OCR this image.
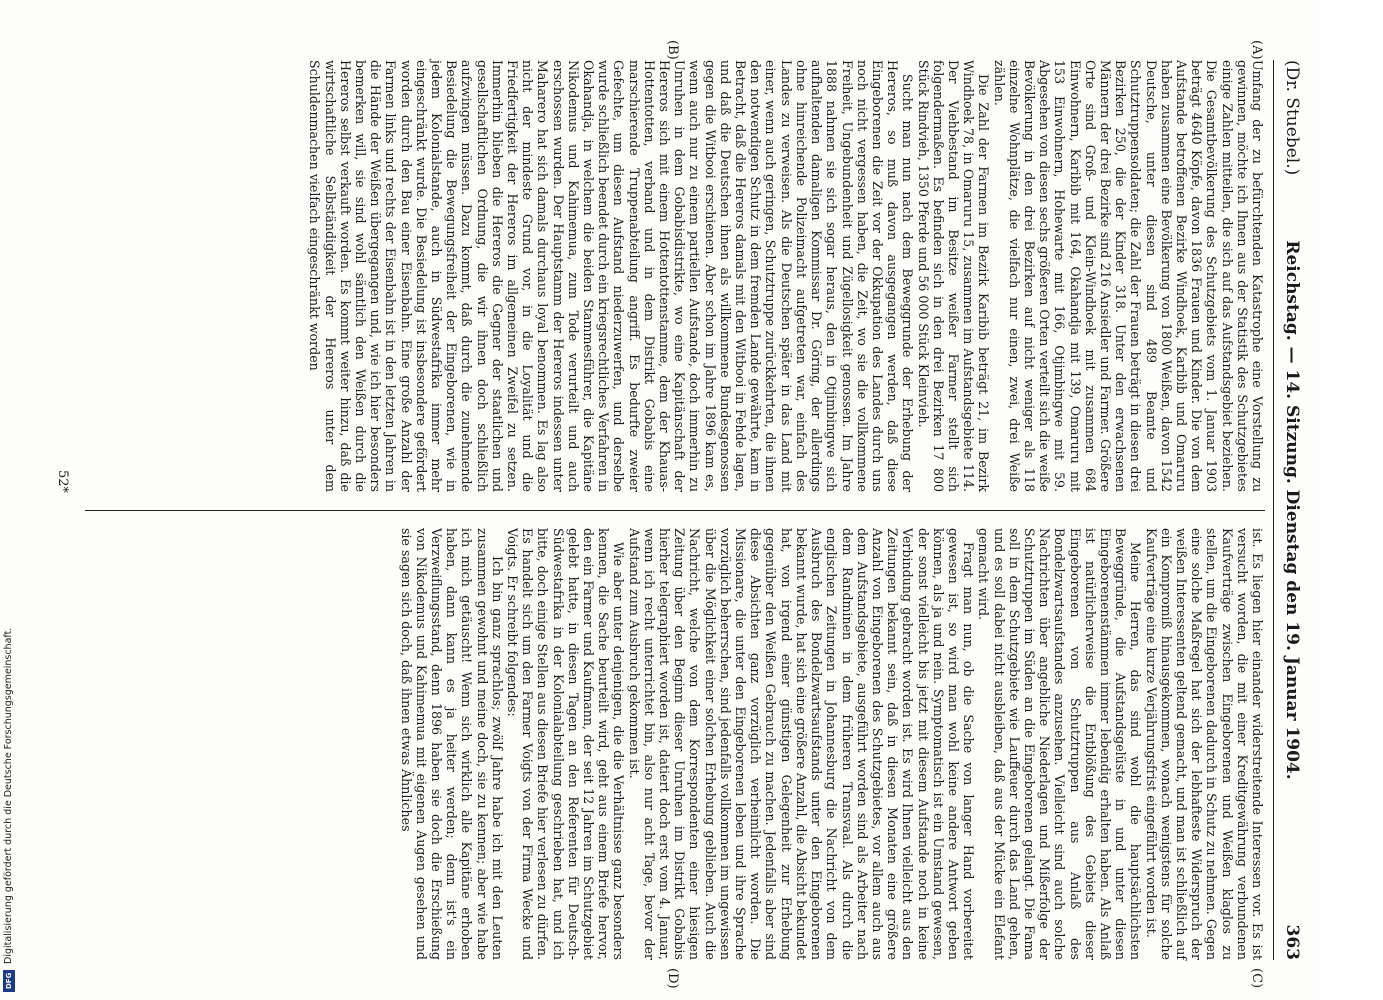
(Dr. Stuebel.)
Reichstag. — 14. Sitzung. Dienstag den 19. Januar 1904.
363
(A)
(B)
(C)
(D)

Umfang der zu befürchtenden Katastrophe eine Vorstellung zu gewinnen, möchte ich Ihnen aus der Statistik des Schutzgebietes einige Zahlen mitteilen, die sich auf das Aufstandsgebiet beziehen. Die Gesamtbevölkerung des Schutzgebiets vom 1. Januar 1903 beträgt 4640 Köpfe, davon 1836 Frauen und Kinder. Die von dem Aufstande betroffenen Bezirke Windhoek, Karibib und Omaruru haben zusammen eine Bevölkerung von 1800 Weißen, davon 1542 Deutsche, unter diesen sind 489 Beamte und Schutztruppensoldaten; die Zahl der Frauen beträgt in diesen drei Bezirken 250, die der Kinder 318. Unter den erwachsenen Männern der drei Bezirke sind 216 Ansiedler und Farmer. Größere Orte sind Groß- und Klein-Windhoek mit zusammen 684 Einwohnern, Karibib mit 164, Okahandja mit 139, Omaruru mit 153 Einwohnern, Hohewarte mit 166, Otjimbingwe mit 59. Abgesehen von diesen sechs größeren Orten verteilt sich die weiße Bevölkerung in den drei Bezirken auf nicht weniger als 118 einzelne Wohnplätze, die vielfach nur einen, zwei, drei Weiße zählen.

Die Zahl der Farmen im Bezirk Karibib beträgt 21, im Bezirk Windhoek 78, in Omaruru 15, zusammen im Aufstandsgebiete 114. Der Viehbestand im Besitze weißer Farmer stellt sich folgendermaßen. Es befinden sich in den drei Bezirken 17 800 Stück Rindvieh, 1350 Pferde und 56 000 Stück Kleinvieh.

Sucht man nun nach dem Beweggrunde der Erhebung der Hereros, so muß davon ausgegangen werden, daß diese Eingeborenen die Zeit vor der Okkupation des Landes durch uns noch nicht vergessen haben, die Zeit, wo sie die vollkommene Freiheit, Ungebundenheit und Zügellosigkeit genossen. Im Jahre 1888 nahmen sie sich sogar heraus, den in Otjimbingwe sich aufhaltenden damaligen Kommissar Dr. Göring, der allerdings ohne hinreichende Polizeimacht aufgetreten war, einfach des Landes zu verweisen. Als die Deutschen später in das Land mit einer, wenn auch geringen, Schutztruppe zurückkehrten, die ihnen den notwendigen Schutz in dem fremden Lande gewährte, kam in Betracht, daß die Hereros damals mit den Witbooi in Fehde lagen, und daß die Deutschen ihnen als willkommene Bundesgenossen gegen die Witbooi erschienen. Aber schon im Jahre 1896 kam es, wenn auch nur zu einem partiellen Aufstande, doch immerhin zu Unruhen in dem Gobabisdistrikte, wo eine Kapitänschaft der Hereros sich mit einem Hottentottenstamme, dem der Khauas-Hottentotten, verband und in dem Distrikt Gobabis eine marschierende Truppenabteilung angriff. Es bedurfte zweier Gefechte, um diesen Aufstand niederzuwerfen, und derselbe wurde schließlich beendet durch ein kriegsrechtliches Verfahren in Okahandja, in welchem die beiden Stammesführer, die Kapitäne Nikodemus und Kahimemua, zum Tode verurteilt und auch erschossen wurden. Der Hauptstamm der Hereros indessen unter Maharero hat sich damals durchaus loyal benommen. Es lag also nicht der mindeste Grund vor, in die Loyalität und die Friedfertigkeit der Hereros im allgemeinen Zweifel zu setzen. Immerhin blieben die Hereros die Gegner der staatlichen und gesellschaftlichen Ordnung, die wir ihnen doch schließlich aufzwingen müssen. Dazu kommt, daß durch die zunehmende Besiedelung die Bewegungsfreiheit der Eingeborenen, wie in jedem Kolonialstande, auch in Südwestafrika immer mehr eingeschränkt wurde. Die Besiedelung ist insbesondere gefördert worden durch den Bau einer Eisenbahn. Eine große Anzahl der Farmen links und rechts der Eisenbahn ist in den letzten Jahren in die Hände der Weißen übergegangen und, wie ich hier besonders bemerken will, sie sind wohl sämtlich den Weißen durch die Hereros selbst verkauft worden. Es kommt weiter hinzu, daß die wirtschaftliche Selbständigkeit der Hereros unter dem Schuldenmachen vielfach eingeschränkt worden

ist. Es liegen hier einander widerstreitende Interessen vor. Es ist versucht worden, die mit einer Kreditgewährung verbundenen Kaufverträge zwischen Eingeborenen und Weißen klaglos zu stellen, um die Eingeborenen dadurch in Schutz zu nehmen. Gegen eine solche Maßregel hat sich der lebhafteste Widerspruch der weißen Interessenten geltend gemacht, und man ist schließlich auf ein Kompromiß hinausgekommen, wonach wenigstens für solche Kaufverträge eine kurze Verjährungsfrist eingeführt worden ist.

Meine Herren, das sind wohl die hauptsächlichsten Beweggründe, die Aufstandsgelüste in und unter diesen Eingeborenenstämmen immer lebendig erhalten haben. Als Anlaß ist natürlicherweise die Entblößung des Gebiets dieser Eingeborenen von Schutztruppen aus Anlaß des Bondelzwartsaufstandes anzusehen. Vielleicht sind auch solche Nachrichten über angebliche Niederlagen und Mißerfolge der Schutztruppen im Süden an die Eingeborenen gelangt. Die Fama soll in dem Schutzgebiete wie Lauffeuer durch das Land gehen, und es soll dabei nicht ausbleiben, daß aus der Mücke ein Elefant gemacht wird.

Fragt man nun, ob die Sache von langer Hand vorbereitet gewesen ist, so wird man wohl keine andere Antwort geben können, als ja und nein. Symptomatisch ist ein Umstand gewesen, der sonst vielleicht bis jetzt mit diesem Aufstande noch in keine Verbindung gebracht worden ist. Es wird Ihnen vielleicht aus den Zeitungen bekannt sein, daß in diesen Monaten eine größere Anzahl von Eingeborenen des Schutzgebietes, vor allem auch aus dem Aufstandsgebiete, ausgeführt worden sind als Arbeiter nach dem Randminen in dem früheren Transvaal. Als durch die englischen Zeitungen in Johannesburg die Nachricht von dem Ausbruch des Bondelzwartsaufstands unter den Eingeborenen bekannt wurde, hat sich eine größere Anzahl, die Absicht bekundet hat, von irgend einer günstigen Gelegenheit zur Erhebung gegenüber den Weißen Gebrauch zu machen. Jedenfalls aber sind diese Absichten ganz vorzüglich verheimlicht worden. Die Missionare, die unter den Eingeborenen leben und ihre Sprache vorzüglich beherrschen, sind jedenfalls vollkommen im ungewissen über die Möglichkeit einer solchen Erhebung geblieben. Auch die Nachricht, welche von dem Korrespondenten einer hiesigen Zeitung über den Beginn dieser Unruhen im Distrikt Gobabis hierher telegraphiert worden ist, datiert doch erst vom 4. Januar, wenn ich recht unterrichtet bin, also nur acht Tage, bevor der Aufstand zum Ausbruch gekommen ist.

Wie aber unter denjenigen, die die Verhältnisse ganz besonders kennen, die Sache beurteilt wird, geht aus einem Briefe hervor, den ein Farmer und Kaufmann, der seit 12 Jahren im Schutzgebiet gelebt hatte, in diesen Tagen an den Referenten für Deutsch-Südwestafrika in der Kolonialabteilung geschrieben hat, und ich bitte, doch einige Stellen aus diesen Briefe hier verlesen zu dürfen. Es handelt sich um den Farmer Voigts von der Firma Wecke und Voigts. Er schreibt folgendes:

Ich bin ganz sprachlos; zwölf Jahre habe ich mit den Leuten zusammen gewohnt und meine doch, sie zu kennen; aber wie habe ich mich getäuscht! Wenn sich wirklich alle Kapitäne erhoben haben, dann kann es ja heiter werden; denn ist's ein Verzweiflungsstand, denn 1896 haben sie doch die Erschießung von Nikodemus und Kahimemua mit eigenen Augen gesehen und sie sagen sich doch, daß ihnen etwas Ähnliches

52*
Digitalisierung gefördert durch die Deutsche Forschungsgemeinschaft.
DFG
